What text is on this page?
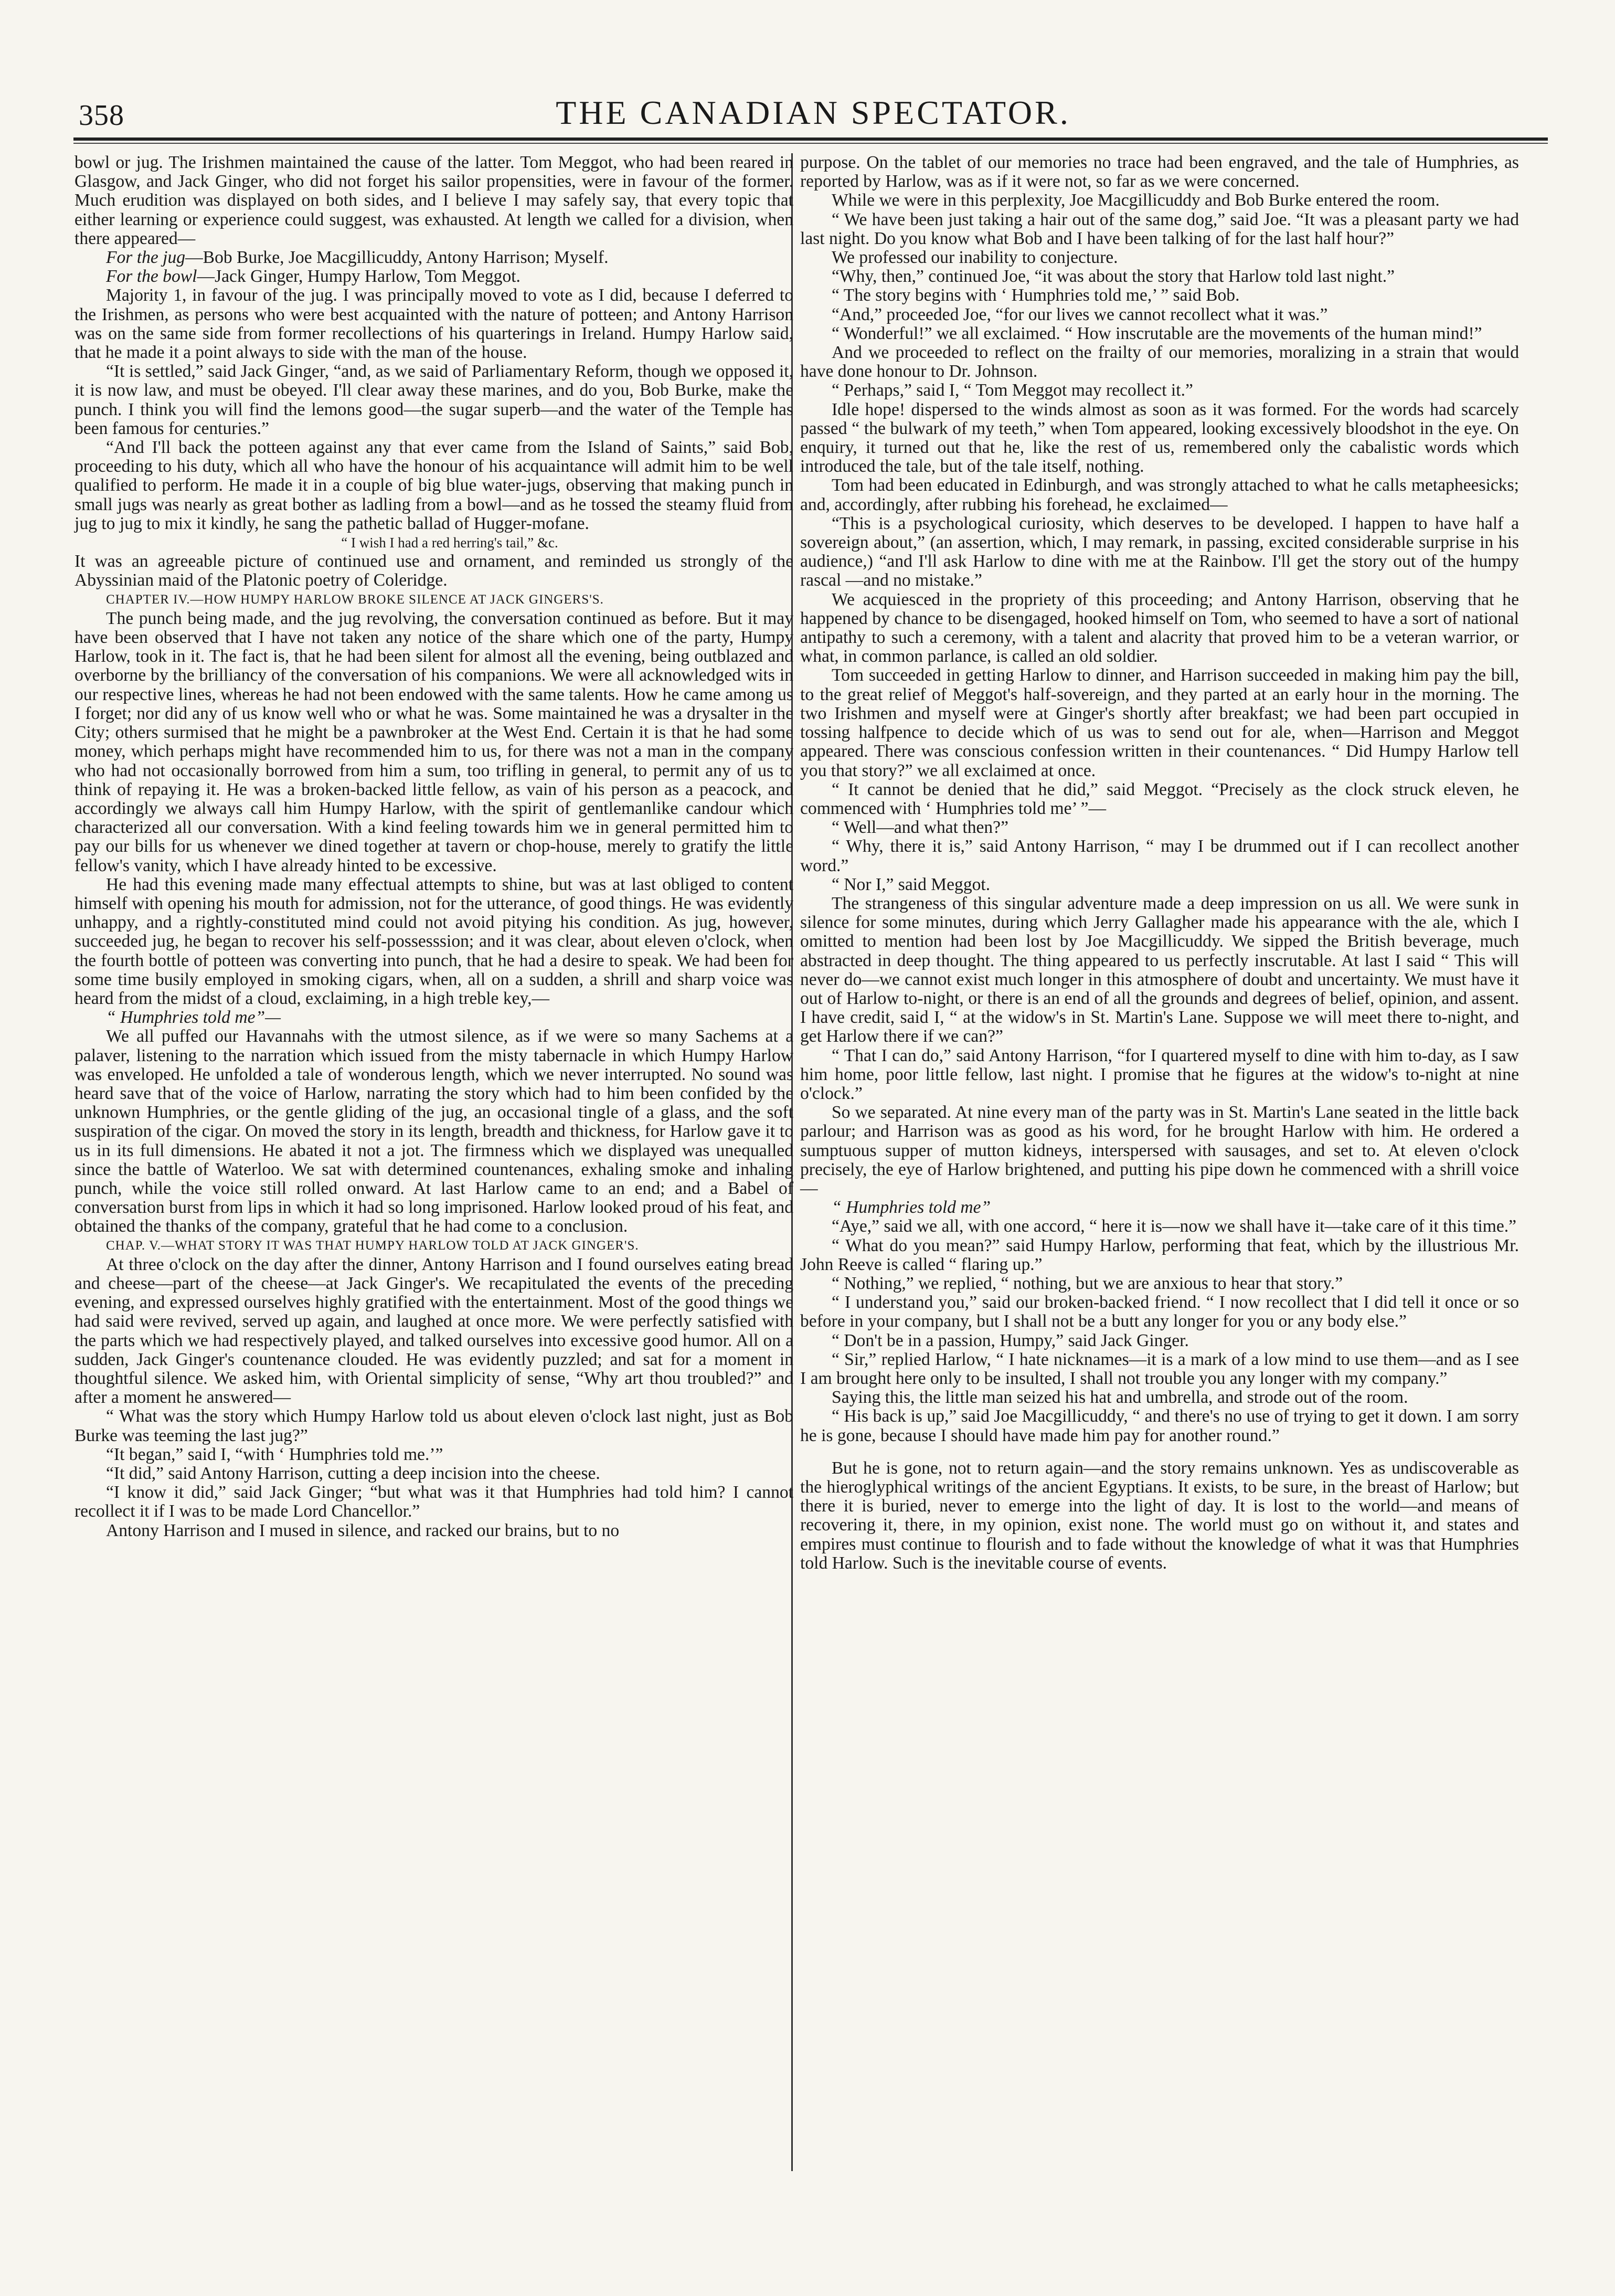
358	THE CANADIAN SPECTATOR.

bowl or jug. The Irishmen maintained the cause of the latter. Tom Meggot, who had been reared in Glasgow, and Jack Ginger, who did not forget his sailor propensities, were in favour of the former. Much erudition was displayed on both sides, and I believe I may safely say, that every topic that either learning or experience could suggest, was exhausted. At length we called for a division, when there appeared—

For the jug—Bob Burke, Joe Macgillicuddy, Antony Harrison; Myself.

For the bowl—Jack Ginger, Humpy Harlow, Tom Meggot.

Majority 1, in favour of the jug. I was principally moved to vote as I did, because I deferred to the Irishmen, as persons who were best acquainted with the nature of potteen; and Antony Harrison was on the same side from former recollections of his quarterings in Ireland. Humpy Harlow said, that he made it a point always to side with the man of the house.

“It is settled,” said Jack Ginger, “and, as we said of Parliamentary Reform, though we opposed it, it is now law, and must be obeyed. I'll clear away these marines, and do you, Bob Burke, make the punch. I think you will find the lemons good—the sugar superb—and the water of the Temple has been famous for centuries.”

“And I'll back the potteen against any that ever came from the Island of Saints,” said Bob, proceeding to his duty, which all who have the honour of his acquaintance will admit him to be well qualified to perform. He made it in a couple of big blue water-jugs, observing that making punch in small jugs was nearly as great bother as ladling from a bowl—and as he tossed the steamy fluid from jug to jug to mix it kindly, he sang the pathetic ballad of Hugger-mofane.

“ I wish I had a red herring's tail,” &c.

It was an agreeable picture of continued use and ornament, and reminded us strongly of the Abyssinian maid of the Platonic poetry of Coleridge.

CHAPTER IV.—HOW HUMPY HARLOW BROKE SILENCE AT JACK GINGERS'S.

The punch being made, and the jug revolving, the conversation continued as before. But it may have been observed that I have not taken any notice of the share which one of the party, Humpy Harlow, took in it. The fact is, that he had been silent for almost all the evening, being outblazed and overborne by the brilliancy of the conversation of his companions. We were all acknowledged wits in our respective lines, whereas he had not been endowed with the same talents. How he came among us I forget; nor did any of us know well who or what he was. Some maintained he was a drysalter in the City; others surmised that he might be a pawnbroker at the West End. Certain it is that he had some money, which perhaps might have recommended him to us, for there was not a man in the company who had not occasionally borrowed from him a sum, too trifling in general, to permit any of us to think of repaying it. He was a broken-backed little fellow, as vain of his person as a peacock, and accordingly we always call him Humpy Harlow, with the spirit of gentlemanlike candour which characterized all our conversation. With a kind feeling towards him we in general permitted him to pay our bills for us whenever we dined together at tavern or chop-house, merely to gratify the little fellow's vanity, which I have already hinted to be excessive.

He had this evening made many effectual attempts to shine, but was at last obliged to content himself with opening his mouth for admission, not for the utterance, of good things. He was evidently unhappy, and a rightly-constituted mind could not avoid pitying his condition. As jug, however, succeeded jug, he began to recover his self-possesssion; and it was clear, about eleven o'clock, when the fourth bottle of potteen was converting into punch, that he had a desire to speak. We had been for some time busily employed in smoking cigars, when, all on a sudden, a shrill and sharp voice was heard from the midst of a cloud, exclaiming, in a high treble key,—

“ Humphries told me”—

We all puffed our Havannahs with the utmost silence, as if we were so many Sachems at a palaver, listening to the narration which issued from the misty tabernacle in which Humpy Harlow was enveloped. He unfolded a tale of wonderous length, which we never interrupted. No sound was heard save that of the voice of Harlow, narrating the story which had to him been confided by the unknown Humphries, or the gentle gliding of the jug, an occasional tingle of a glass, and the soft suspiration of the cigar. On moved the story in its length, breadth and thickness, for Harlow gave it to us in its full dimensions. He abated it not a jot. The firmness which we displayed was unequalled since the battle of Waterloo. We sat with determined countenances, exhaling smoke and inhaling punch, while the voice still rolled onward. At last Harlow came to an end; and a Babel of conversation burst from lips in which it had so long imprisoned. Harlow looked proud of his feat, and obtained the thanks of the company, grateful that he had come to a conclusion.

CHAP. V.—WHAT STORY IT WAS THAT HUMPY HARLOW TOLD AT JACK GINGER'S.

At three o'clock on the day after the dinner, Antony Harrison and I found ourselves eating bread and cheese—part of the cheese—at Jack Ginger's. We recapitulated the events of the preceding evening, and expressed ourselves highly gratified with the entertainment. Most of the good things we had said were revived, served up again, and laughed at once more. We were perfectly satisfied with the parts which we had respectively played, and talked ourselves into excessive good humor. All on a sudden, Jack Ginger's countenance clouded. He was evidently puzzled; and sat for a moment in thoughtful silence. We asked him, with Oriental simplicity of sense, “Why art thou troubled?” and after a moment he answered—

“ What was the story which Humpy Harlow told us about eleven o'clock last night, just as Bob Burke was teeming the last jug?”

“It began,” said I, “with ‘ Humphries told me.’”

“It did,” said Antony Harrison, cutting a deep incision into the cheese.

“I know it did,” said Jack Ginger; “but what was it that Humphries had told him? I cannot recollect it if I was to be made Lord Chancellor.”

Antony Harrison and I mused in silence, and racked our brains, but to no

purpose. On the tablet of our memories no trace had been engraved, and the tale of Humphries, as reported by Harlow, was as if it were not, so far as we were concerned.

While we were in this perplexity, Joe Macgillicuddy and Bob Burke entered the room.

“ We have been just taking a hair out of the same dog,” said Joe. “It was a pleasant party we had last night. Do you know what Bob and I have been talking of for the last half hour?”

We professed our inability to conjecture.

“Why, then,” continued Joe, “it was about the story that Harlow told last night.”

“ The story begins with ‘ Humphries told me,’ ” said Bob.

“And,” proceeded Joe, “for our lives we cannot recollect what it was.”

“ Wonderful!” we all exclaimed. “ How inscrutable are the movements of the human mind!”

And we proceeded to reflect on the frailty of our memories, moralizing in a strain that would have done honour to Dr. Johnson.

“ Perhaps,” said I, “ Tom Meggot may recollect it.”

Idle hope! dispersed to the winds almost as soon as it was formed. For the words had scarcely passed “ the bulwark of my teeth,” when Tom appeared, looking excessively bloodshot in the eye. On enquiry, it turned out that he, like the rest of us, remembered only the cabalistic words which introduced the tale, but of the tale itself, nothing.

Tom had been educated in Edinburgh, and was strongly attached to what he calls metapheesicks; and, accordingly, after rubbing his forehead, he exclaimed—

“This is a psychological curiosity, which deserves to be developed. I happen to have half a sovereign about,” (an assertion, which, I may remark, in passing, excited considerable surprise in his audience,) “and I'll ask Harlow to dine with me at the Rainbow. I'll get the story out of the humpy rascal —and no mistake.”

We acquiesced in the propriety of this proceeding; and Antony Harrison, observing that he happened by chance to be disengaged, hooked himself on Tom, who seemed to have a sort of national antipathy to such a ceremony, with a talent and alacrity that proved him to be a veteran warrior, or what, in common parlance, is called an old soldier.

Tom succeeded in getting Harlow to dinner, and Harrison succeeded in making him pay the bill, to the great relief of Meggot's half-sovereign, and they parted at an early hour in the morning. The two Irishmen and myself were at Ginger's shortly after breakfast; we had been part occupied in tossing halfpence to decide which of us was to send out for ale, when—Harrison and Meggot appeared. There was conscious confession written in their countenances. “ Did Humpy Harlow tell you that story?” we all exclaimed at once.

“ It cannot be denied that he did,” said Meggot. “Precisely as the clock struck eleven, he commenced with ‘ Humphries told me’ ”—

“ Well—and what then?”

“ Why, there it is,” said Antony Harrison, “ may I be drummed out if I can recollect another word.”

“ Nor I,” said Meggot.

The strangeness of this singular adventure made a deep impression on us all. We were sunk in silence for some minutes, during which Jerry Gallagher made his appearance with the ale, which I omitted to mention had been lost by Joe Macgillicuddy. We sipped the British beverage, much abstracted in deep thought. The thing appeared to us perfectly inscrutable. At last I said “ This will never do—we cannot exist much longer in this atmosphere of doubt and uncertainty. We must have it out of Harlow to-night, or there is an end of all the grounds and degrees of belief, opinion, and assent. I have credit, said I, “ at the widow's in St. Martin's Lane. Suppose we will meet there to-night, and get Harlow there if we can?”

“ That I can do,” said Antony Harrison, “for I quartered myself to dine with him to-day, as I saw him home, poor little fellow, last night. I promise that he figures at the widow's to-night at nine o'clock.”

So we separated. At nine every man of the party was in St. Martin's Lane seated in the little back parlour; and Harrison was as good as his word, for he brought Harlow with him. He ordered a sumptuous supper of mutton kidneys, interspersed with sausages, and set to. At eleven o'clock precisely, the eye of Harlow brightened, and putting his pipe down he commenced with a shrill voice—

“ Humphries told me”

“Aye,” said we all, with one accord, “ here it is—now we shall have it—take care of it this time.”

“ What do you mean?” said Humpy Harlow, performing that feat, which by the illustrious Mr. John Reeve is called “ flaring up.”

“ Nothing,” we replied, “ nothing, but we are anxious to hear that story.”

“ I understand you,” said our broken-backed friend. “ I now recollect that I did tell it once or so before in your company, but I shall not be a butt any longer for you or any body else.”

“ Don't be in a passion, Humpy,” said Jack Ginger.

“ Sir,” replied Harlow, “ I hate nicknames—it is a mark of a low mind to use them—and as I see I am brought here only to be insulted, I shall not trouble you any longer with my company.”

Saying this, the little man seized his hat and umbrella, and strode out of the room.

“ His back is up,” said Joe Macgillicuddy, “ and there's no use of trying to get it down. I am sorry he is gone, because I should have made him pay for another round.”

But he is gone, not to return again—and the story remains unknown. Yes as undiscoverable as the hieroglyphical writings of the ancient Egyptians. It exists, to be sure, in the breast of Harlow; but there it is buried, never to emerge into the light of day. It is lost to the world—and means of recovering it, there, in my opinion, exist none. The world must go on without it, and states and empires must continue to flourish and to fade without the knowledge of what it was that Humphries told Harlow. Such is the inevitable course of events.
